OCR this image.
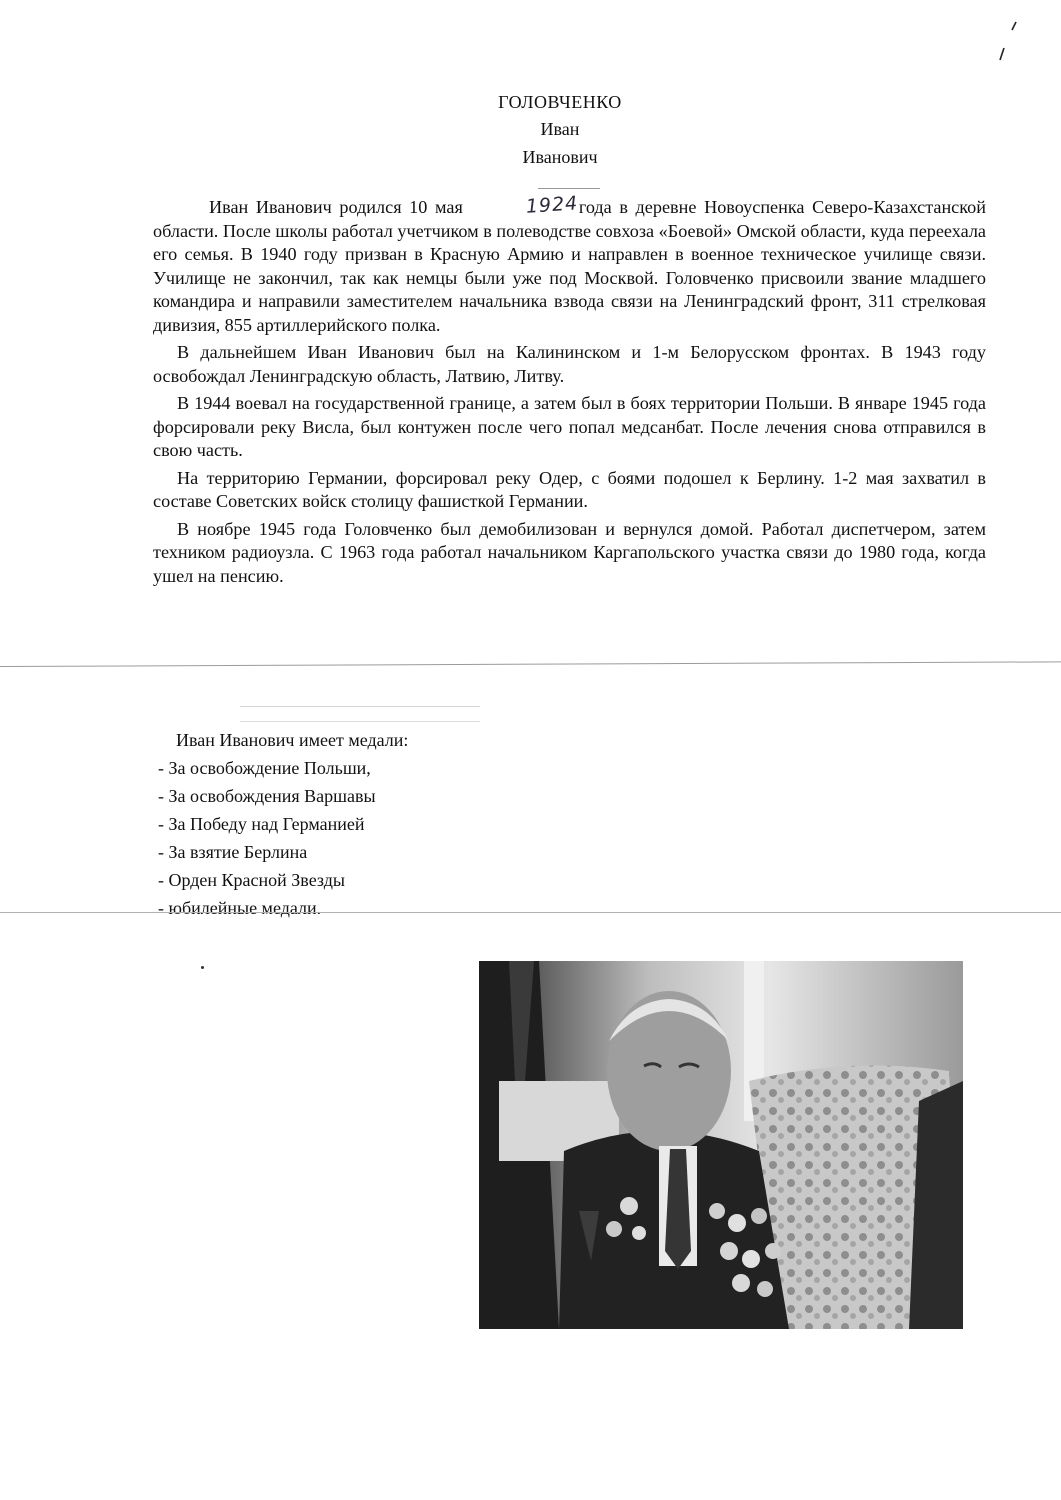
ГОЛОВЧЕНКО
Иван
Иванович

Иван Иванович родился 10 мая	1924года в деревне Новоуспенка Северо-Казахстанской области. После школы работал учетчиком в полеводстве совхоза «Боевой» Омской области, куда переехала его семья. В 1940 году призван в Красную Армию и направлен в военное техническое училище связи. Училище не закончил, так как немцы были уже под Москвой. Головченко присвоили звание младшего командира и направили заместителем начальника взвода связи на Ленинградский фронт, 311 стрелковая дивизия, 855 артиллерийского полка.

В дальнейшем Иван Иванович был на Калининском и 1-м Белорусском фронтах. В 1943 году освобождал Ленинградскую область, Латвию, Литву.

В 1944 воевал на государственной границе, а затем был в боях территории Польши. В январе 1945 года форсировали реку Висла, был контужен после чего попал медсанбат. После лечения снова отправился в свою часть.

На территорию Германии, форсировал реку Одер, с боями подошел к Берлину. 1-2 мая захватил в составе Советских войск столицу фашисткой Германии.

В ноябре 1945 года Головченко был демобилизован и вернулся домой. Работал диспетчером, затем техником радиоузла. С 1963 года работал начальником Каргапольского участка связи до 1980 года, когда ушел на пенсию.

Иван Иванович имеет медали:
- За освобождение Польши,
- За освобождения Варшавы
- За Победу над Германией
- За взятие Берлина
- Орден Красной Звезды
- юбилейные медали.
